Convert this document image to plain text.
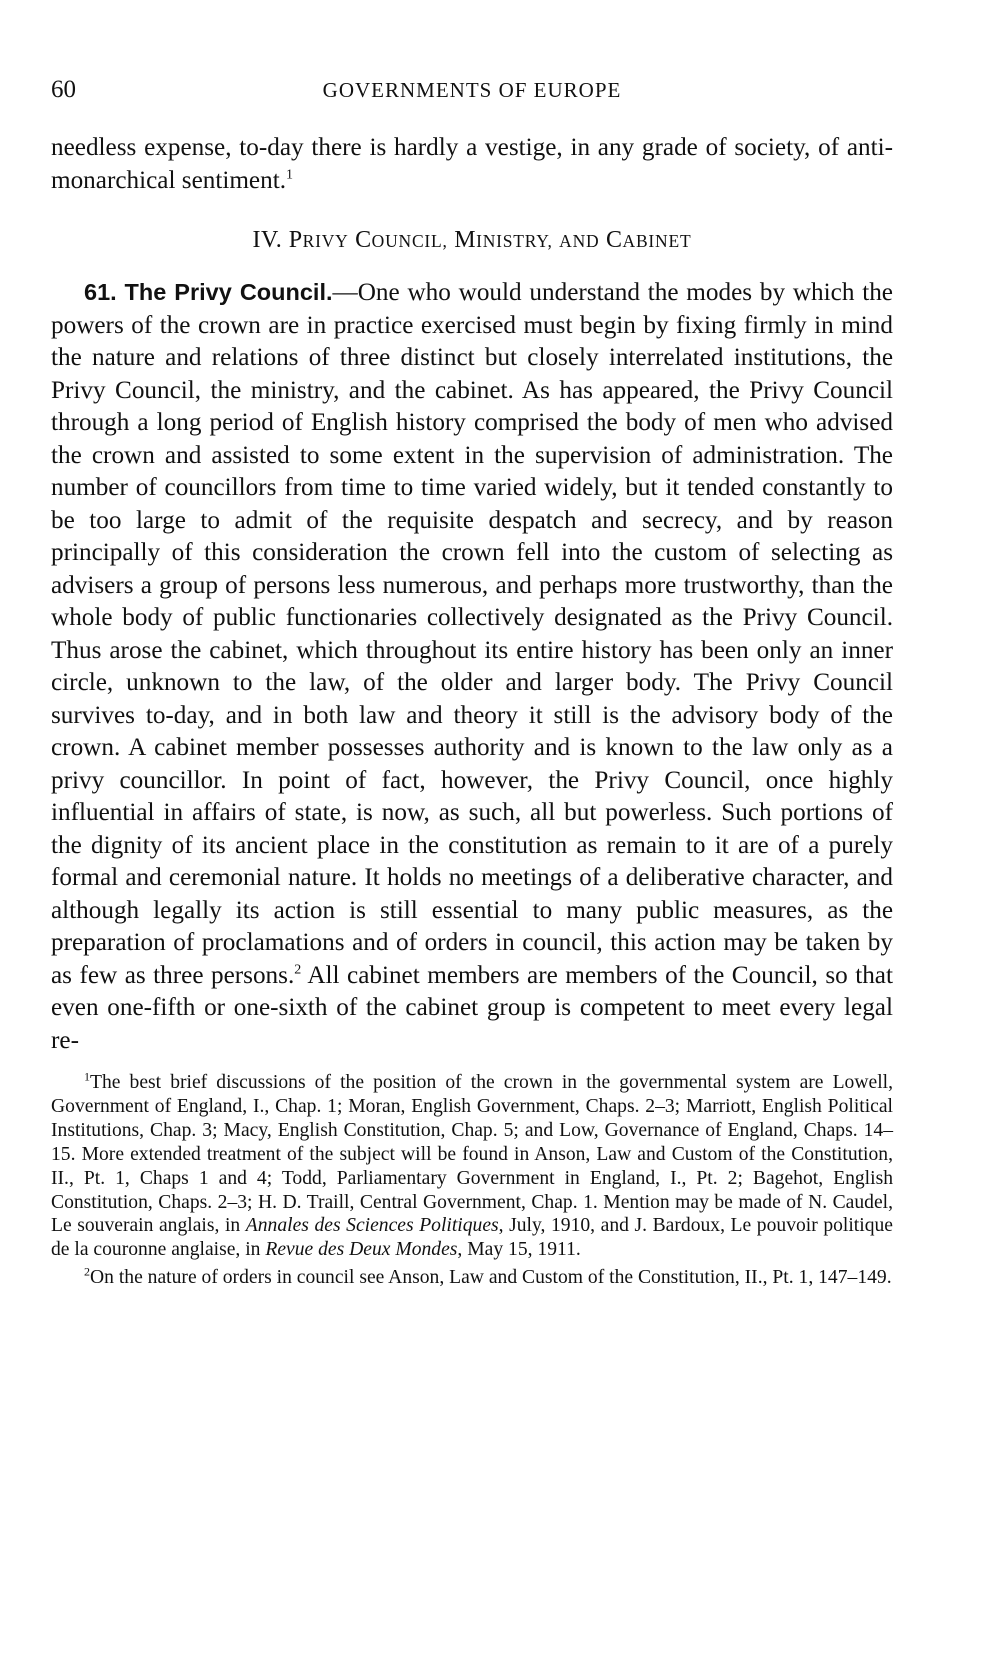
60	GOVERNMENTS OF EUROPE

needless expense, to-day there is hardly a vestige, in any grade of society, of anti-monarchical sentiment.$^1$

IV. PRIVY COUNCIL, MINISTRY, AND CABINET

61. The Privy Council.—One who would understand the modes by which the powers of the crown are in practice exercised must begin by fixing firmly in mind the nature and relations of three distinct but closely interrelated institutions, the Privy Council, the ministry, and the cabinet. As has appeared, the Privy Council through a long period of English history comprised the body of men who advised the crown and assisted to some extent in the supervision of administration. The number of councillors from time to time varied widely, but it tended constantly to be too large to admit of the requisite despatch and secrecy, and by reason principally of this consideration the crown fell into the custom of selecting as advisers a group of persons less numerous, and perhaps more trustworthy, than the whole body of public functionaries collectively designated as the Privy Council. Thus arose the cabinet, which throughout its entire history has been only an inner circle, unknown to the law, of the older and larger body. The Privy Council survives to-day, and in both law and theory it still is the advisory body of the crown. A cabinet member possesses authority and is known to the law only as a privy councillor. In point of fact, however, the Privy Council, once highly influential in affairs of state, is now, as such, all but powerless. Such portions of the dignity of its ancient place in the constitution as remain to it are of a purely formal and ceremonial nature. It holds no meetings of a deliberative character, and although legally its action is still essential to many public measures, as the preparation of proclamations and of orders in council, this action may be taken by as few as three persons.$^2$ All cabinet members are members of the Council, so that even one-fifth or one-sixth of the cabinet group is competent to meet every legal re-

$^1$The best brief discussions of the position of the crown in the governmental system are Lowell, Government of England, I., Chap. 1; Moran, English Government, Chaps. 2–3; Marriott, English Political Institutions, Chap. 3; Macy, English Constitution, Chap. 5; and Low, Governance of England, Chaps. 14–15. More extended treatment of the subject will be found in Anson, Law and Custom of the Constitution, II., Pt. 1, Chaps 1 and 4; Todd, Parliamentary Government in England, I., Pt. 2; Bagehot, English Constitution, Chaps. 2–3; H. D. Traill, Central Government, Chap. 1. Mention may be made of N. Caudel, Le souverain anglais, in Annales des Sciences Politiques, July, 1910, and J. Bardoux, Le pouvoir politique de la couronne anglaise, in Revue des Deux Mondes, May 15, 1911.

$^2$On the nature of orders in council see Anson, Law and Custom of the Constitution, II., Pt. 1, 147–149.
